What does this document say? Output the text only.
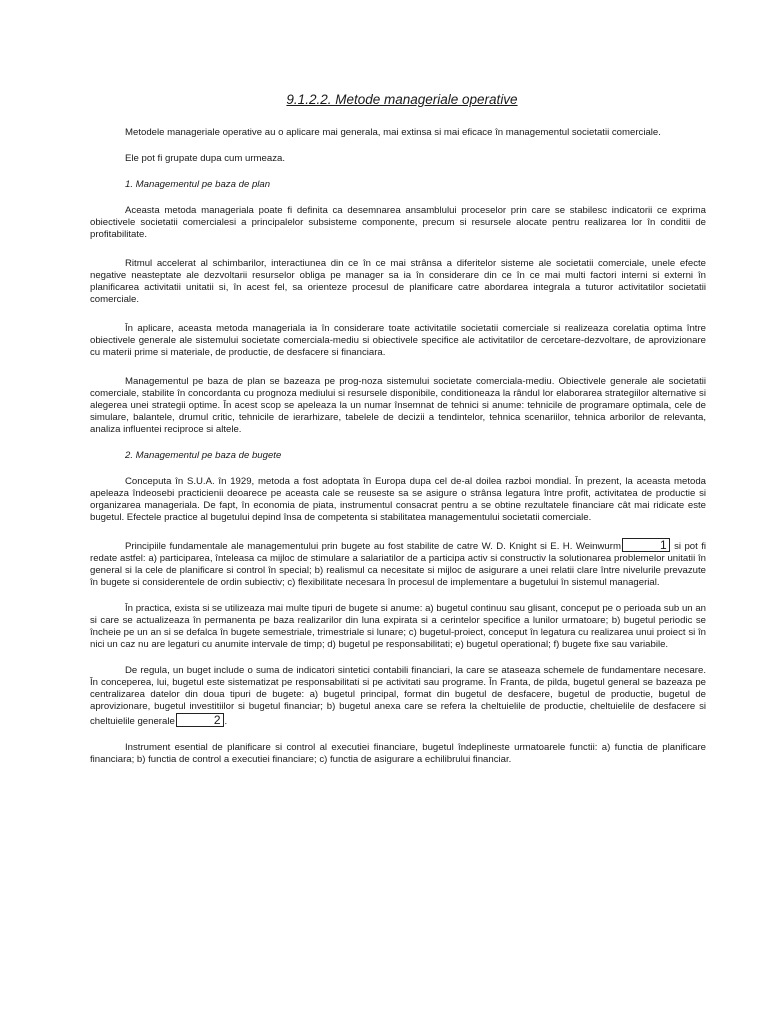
9.1.2.2. Metode manageriale operative

Metodele manageriale operative au o aplicare mai generala, mai extinsa si mai eficace în managementul societatii comerciale.

Ele pot fi grupate dupa cum urmeaza.

1. Managementul pe baza de plan

Aceasta metoda manageriala poate fi definita ca desemnarea ansamblului proceselor prin care se stabilesc indicatorii ce exprima obiectivele societatii comercialesi a principalelor subsisteme componente, precum si resursele alocate pentru realizarea lor în conditii de profitabilitate.

Ritmul accelerat al schimbarilor, interactiunea din ce în ce mai strânsa a diferitelor sisteme ale societatii comerciale, unele efecte negative neasteptate ale dezvoltarii resurselor obliga pe manager sa ia în considerare din ce în ce mai multi factori interni si externi în planificarea activitatii unitatii si, în acest fel, sa orienteze procesul de planificare catre abordarea integrala a tuturor activitatilor societatii comerciale.

În aplicare, aceasta metoda manageriala ia în considerare toate activitatile societatii comerciale si realizeaza corelatia optima între obiectivele generale ale sistemului societate comerciala-mediu si obiectivele specifice ale activitatilor de cercetare-dezvoltare, de aprovizionare cu materii prime si materiale, de productie, de desfacere si financiara.

Managementul pe baza de plan se bazeaza pe prog-noza sistemului societate comerciala-mediu. Obiectivele generale ale societatii comerciale, stabilite în concordanta cu prognoza mediului si resursele disponibile, conditioneaza la rândul lor elaborarea strategiilor alternative si alegerea unei strategii optime. În acest scop se apeleaza la un numar însemnat de tehnici si anume: tehnicile de programare optimala, cele de simulare, balantele, drumul critic, tehnicile de ierarhizare, tabelele de decizii a tendintelor, tehnica scenariilor, tehnica arborilor de relevanta, analiza influentei reciproce si altele.

2. Managementul pe baza de bugete

Conceputa în S.U.A. în 1929, metoda a fost adoptata în Europa dupa cel de-al doilea razboi mondial. În prezent, la aceasta metoda apeleaza îndeosebi practicienii deoarece pe aceasta cale se reuseste sa se asigure o strânsa legatura între profit, activitatea de productie si organizarea manageriala. De fapt, în economia de piata, instrumentul consacrat pentru a se obtine rezultatele financiare cât mai ridicate este bugetul. Efectele practice al bugetului depind însa de competenta si stabilitatea managementului societatii comerciale.

Principiile fundamentale ale managementului prin bugete au fost stabilite de catre W. D. Knight si E. H. Weinwurm	1 si pot fi redate astfel: a) participarea, înteleasa ca mijloc de stimulare a salariatilor de a participa activ si constructiv la solutionarea problemelor unitatii în general si la cele de planificare si control în special; b) realismul ca necesitate si mijloc de asigurare a unei relatii clare între nivelurile prevazute în bugete si considerentele de ordin subiectiv; c) flexibilitate necesara în procesul de implementare a bugetului în sistemul managerial.

În practica, exista si se utilizeaza mai multe tipuri de bugete si anume: a) bugetul continuu sau glisant, conceput pe o perioada sub un an si care se actualizeaza în permanenta pe baza realizarilor din luna expirata si a cerintelor specifice a lunilor urmatoare; b) bugetul periodic se încheie pe un an si se defalca în bugete semestriale, trimestriale si lunare; c) bugetul-proiect, conceput în legatura cu realizarea unui proiect si în nici un caz nu are legaturi cu anumite intervale de timp; d) bugetul pe responsabilitati; e) bugetul operational; f) bugete fixe sau variabile.

De regula, un buget include o suma de indicatori sintetici contabili financiari, la care se ataseaza schemele de fundamentare necesare. În conceperea, lui, bugetul este sistematizat pe responsabilitati si pe activitati sau programe. În Franta, de pilda, bugetul general se bazeaza pe centralizarea datelor din doua tipuri de bugete: a) bugetul principal, format din bugetul de desfacere, bugetul de productie, bugetul de aprovizionare, bugetul investitiilor si bugetul financiar; b) bugetul anexa care se refera la cheltuielile de productie, cheltuielile de desfacere si cheltuielile generale	2 .

Instrument esential de planificare si control al executiei financiare, bugetul îndeplineste urmatoarele functii: a) functia de planificare financiara; b) functia de control a executiei financiare; c) functia de asigurare a echilibrului financiar.
